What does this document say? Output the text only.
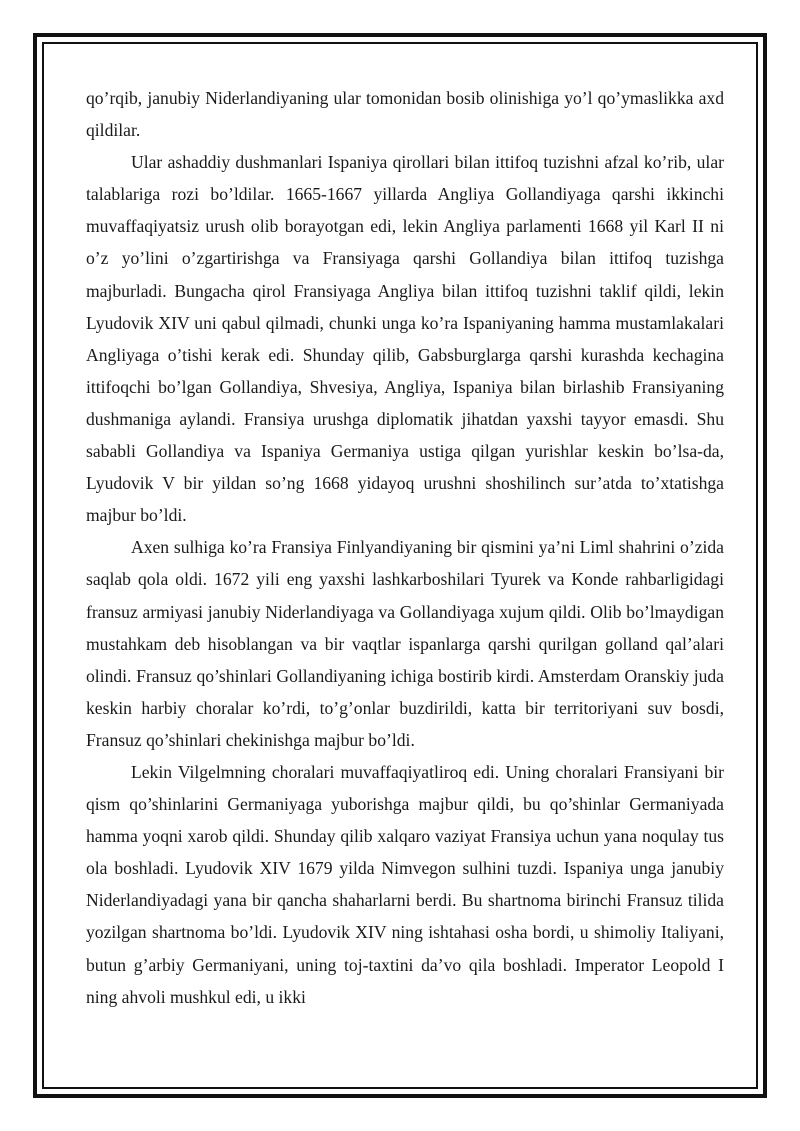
qo’rqib, janubiy Niderlandiyaning ular tomonidan bosib olinishiga yo’l qo’ymaslikka axd qildilar.

Ular ashaddiy dushmanlari Ispaniya qirollari bilan ittifoq tuzishni afzal ko’rib, ular talablariga rozi bo’ldilar. 1665-1667 yillarda Angliya Gollandiyaga qarshi ikkinchi muvaffaqiyatsiz urush olib borayotgan edi, lekin Angliya parlamenti 1668 yil Karl II ni o’z yo’lini o’zgartirishga va Fransiyaga qarshi Gollandiya bilan ittifoq tuzishga majburladi. Bungacha qirol Fransiyaga Angliya bilan ittifoq tuzishni taklif qildi, lekin Lyudovik XIV uni qabul qilmadi, chunki unga ko’ra Ispaniyaning hamma mustamlakalari Angliyaga o’tishi kerak edi. Shunday qilib, Gabsburglarga qarshi kurashda kechagina ittifoqchi bo’lgan Gollandiya, Shvesiya, Angliya, Ispaniya bilan birlashib Fransiyaning dushmaniga aylandi. Fransiya urushga diplomatik jihatdan yaxshi tayyor emasdi. Shu sababli Gollandiya va Ispaniya Germaniya ustiga qilgan yurishlar keskin bo’lsa-da, Lyudovik V bir yildan so’ng 1668 yidayoq urushni shoshilinch sur’atda to’xtatishga majbur bo’ldi.

Axen sulhiga ko’ra Fransiya Finlyandiyaning bir qismini ya’ni Liml shahrini o’zida saqlab qola oldi. 1672 yili eng yaxshi lashkarboshilari Tyurek va Konde rahbarligidagi fransuz armiyasi janubiy Niderlandiyaga va Gollandiyaga xujum qildi. Olib bo’lmaydigan mustahkam deb hisoblangan va bir vaqtlar ispanlarga qarshi qurilgan golland qal’alari olindi. Fransuz qo’shinlari Gollandiyaning ichiga bostirib kirdi. Amsterdam Oranskiy juda keskin harbiy choralar ko’rdi, to’g’onlar buzdirildi, katta bir territoriyani suv bosdi, Fransuz qo’shinlari chekinishga majbur bo’ldi.

Lekin Vilgelmning choralari muvaffaqiyatliroq edi. Uning choralari Fransiyani bir qism qo’shinlarini Germaniyaga yuborishga majbur qildi, bu qo’shinlar Germaniyada hamma yoqni xarob qildi. Shunday qilib xalqaro vaziyat Fransiya uchun yana noqulay tus ola boshladi. Lyudovik XIV 1679 yilda Nimvegon sulhini tuzdi. Ispaniya unga janubiy Niderlandiyadagi yana bir qancha shaharlarni berdi. Bu shartnoma birinchi Fransuz tilida yozilgan shartnoma bo’ldi. Lyudovik XIV ning ishtahasi osha bordi, u shimoliy Italiyani, butun g’arbiy Germaniyani, uning toj-taxtini da’vo qila boshladi. Imperator Leopold I ning ahvoli mushkul edi, u ikki
